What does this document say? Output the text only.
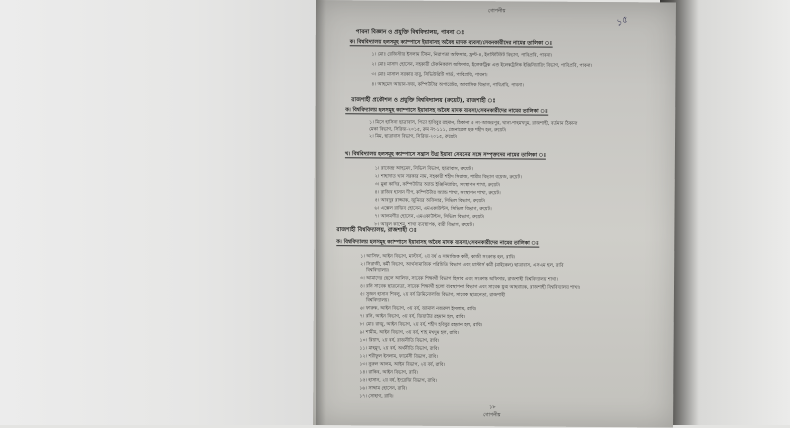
গোপনীয়
১৫
পাবনা বিজ্ঞান ও প্রযুক্তি বিশ্ববিদ্যালয়, পাবনা ঃ
ক। বিশ্ববিদ্যালয় হলসমূহ ক্যাম্পাসে ইয়াবাসহ অবৈধ মাদক ব্যবসা/সেবনকারীদের নামের তালিকা ঃ
১। মোঃ রেজিস্টার ইসলাম টিকন, নিরাপত্তা অফিসার, ফ্রন্ট-৪, ইনস্টিটিউট বিভাগ, পাবিপ্রবি, পাবনা।
২। মোঃ মাসাদ হোসেন, সহকারী টেকনিক্যাল অফিসার, ইলেকট্রিক এন্ড ইলেকট্রনিক ইঞ্জিনিয়ারিং বিভাগ, পাবিপ্রবি, পাবনা।
৩। মোঃ মাসাল সরকার বাবু, সিভিউরিটি গার্ড, পাবিপ্রবি, পাবনা।
৪। আহমেদ আয়ান-ফজ, কম্পিউটার অপারেটর, আবাসিক বিভাগ, পাবিপ্রবি, পাবনা।
রাজশাহী প্রকৌশল ও প্রযুক্তি বিশ্ববিদ্যালয় (রুয়েট), রাজশাহী ঃ
ক। বিশ্ববিদ্যালয় হলসমূহ ক্যাম্পাসে ইয়াবাসহ অবৈধ মাদক ব্যবসা/সেবনকারীদের নামের তালিকা ঃ
১। মিসে হাসিনা ছাত্রাবাস, পিতা হাবিবুর রহমান, ঠিকানা ৫ নং-আজরপুর, থানা-শাহমখদুম, রাজশাহী, বর্তমান ঠিকানা
মেকা বিভাগ, সিরিজ-২০১৫, রুম নং-১১১, জেনারেল হক শহীদ হল, রুয়েট।
২। মিম, ছাত্রাবাস বিভাগ, সিরিজ-২০১৫, রুয়েট।
খ। বিশ্ববিদ্যালয় হলসমূহ ক্যাম্পাসে সন্ত্রাস উগ্র ইয়াবা সেবনের সঙ্গে সম্পৃক্তদের নামের তালিকা ঃ
১। রাজেন্দ্র আহমেদ, সিভিল বিভাগ, ছাত্রাবাস, রুয়েট।
২। শাহাদাত খান সরকার নাম, সহকারী শহীদ সিরাজ, শামীম বিভাগ বয়েজ, রুয়েট।
৩। মুন্না কাদির, কম্পিউটার অ্যান্ড ইঞ্জিনিয়ারিং, সংস্থাপন শাখা, রুয়েট।
৪। রাজিব হাসান দীপ, কম্পিউটার অ্যান্ড শাখা, সংস্থাপন শাখা, রুয়েট।
৫। আবদুর রাজ্জাক, জুনিয়র অফিসার, সিভিল বিভাগ, রুয়েট।
৬। এক্সেল রাজিব হোসেন, এমএকাউন্টস, সিভিল বিভাগ, রুয়েট।
৭। আলমগীর হোসেন, এমএকাউন্টস, সিভিল বিভাগ, রুয়েট।
৮। আবুল কাশেম, শাখা ব্যবস্থাপক, বারী বিভাগ, রুয়েট।
রাজশাহী বিশ্ববিদ্যালয়, রাজশাহী ঃ
ক। বিশ্ববিদ্যালয় হলসমূহ ক্যাম্পাসে ইয়াবাসহ অবৈধ মাদক ব্যবসা/সেবনকারীদের নামের তালিকা ঃ
১। আসিফ, আইন বিভাগ, মাস্টার্স, ২য় বর্ষ ও সামাজিক কর্মী, কাজী সংক্রান্ত হল, রাবি।
২। সিরাজী, কর্মী বিভাগ, আর্থসামাজিক পরিচিতি বিভাগ এবং মাস্টার্স কর্মী (মাইকেল) ছাত্রাবাস, এসএম হল, রাবি
বিশ্ববিদ্যালয়।
৩। আমাদের ছেলে আলিফ, সাবেক শিক্ষার্থী বিভাগ হিসাব এবং সংক্রান্ত অফিসার, রাজশাহী বিশ্ববিদ্যালয় শাখা।
৪। রনি সাবেক ছাত্রনেতা, সাবেক শিক্ষার্থী হলো ব্যবস্থাপনা বিভাগ এবং সাবেক যুগ্ম আহবায়ক, রাজশাহী বিশ্ববিদ্যালয় শাখা।
৫। সুজন হাসান শিবলু, ২য় বর্ষ ক্রিমিনোলজি বিভাগ, সাবেক ছাত্রনেতা, রাজশাহী
বিশ্ববিদ্যালয়।
৬। ফারুক, আইন বিভাগ, ৩য় বর্ষ, জামাল নজরুল ইসলাম, রাবি।
৭। রনি, আইন বিভাগ, ৩য় বর্ষ, জিয়াউর রহমান হল, রাবি।
৮। মোঃ রাজু, আইন বিভাগ, ২য় বর্ষ, শহীদ হবিবুর রহমান হল, রাবি।
৯। শামীম, আইন বিভাগ, ৩য় বর্ষ, শাহ মখদুম হল, রাবি।
১০। রিয়াদ, ২য় বর্ষ, রাজনীতি বিভাগ, রাবি।
১১। মাহমুদ, ২য় বর্ষ, অর্থনীতি বিভাগ, রাবি।
১২। শরীফুল ইসলাম, ফার্মেসী বিভাগ, রাবি।
১৩। নুরুল আলম, আইন বিভাগ, ২য় বর্ষ, রাবি।
১৪। রাকিব, আইন বিভাগ, রাবি।
১৫। হাসান, ২য় বর্ষ, ইংরেজি বিভাগ, রাবি।
১৬। সাদ্দাম হোসেন, রাবি।
১৭। সোহাগ, রাবি।
১৮
গোপনীয়
